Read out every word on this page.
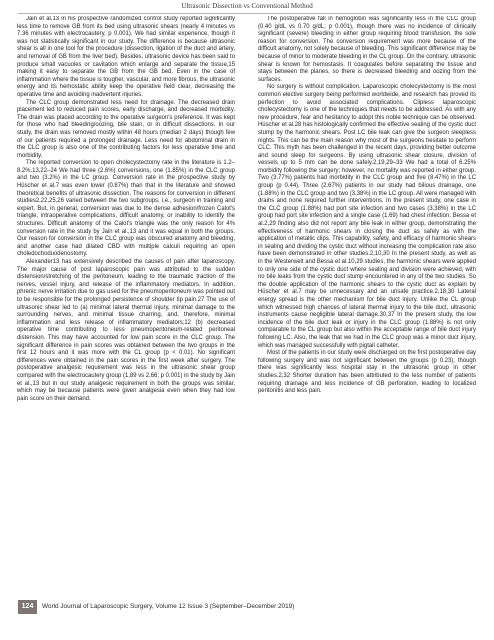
Ultrasonic Dissection vs Conventional Method

Jain et al.13 in his prospective randomized control study reported significantly less time to remove GB from its bed using ultrasonic shears (nearly 4 minutes vs 7.36 minutes with electrocautery, p 0.001). We had similar experience, though it was not statistically significant in our study. The difference is because ultrasonic shear is all in one tool for the procedure (dissection, ligation of the duct and artery, and removal of GB from the liver bed). Besides, ultrasonic device has been said to produce small vacuoles or cavitation which enlarge and separate the tissue,15 making it easy to separate the GB from the GB bed. Even in the case of inflammation where the tissue is tougher, vascular, and more fibrous, the ultrasonic energy and its hemostatic ability keep the operative field clear, decreasing the operative time and avoiding inadvertent injuries.

The CLC group demonstrated less need for drainage. The decreased drain placement led to reduced pain scores, early discharge, and decreased morbidity. The drain was placed according to the operative surgeon's preference. It was kept for those who had bleeding/oozing, bile stain, or in difficult dissections. In our study, the drain was removed mostly within 48 hours (median 2 days) though few of our patients required a prolonged drainage. Less need for abdominal drain in the CLC group is also one of the contributing factors for less operative time and morbidity.

The reported conversion to open cholecystectomy rate in the literature is 1.2–8.2%.13,22–24 We had three (2.6%) conversions, one (1.85%) in the CLC group and two (3.2%) in the LC group. Conversion rate in the prospective study by Hüscher et al.7 was even lower (0.87%) than that in the literature and showed theoretical benefits of ultrasonic dissection. The reasons for conversion in different studies2,22,25,26 varied between the two subgroups, i.e., surgeon in training and expert. But, in general, conversion was due to the dense adhesion/frozen Calot's triangle, intraoperative complications, difficult anatomy, or inability to identify the structures. Difficult anatomy of the Calot's triangle was the only reason for 4% conversion rate in the study by Jain et al.,13 and it was equal in both the groups. Our reason for conversion in the CLC group was obscured anatomy and bleeding, and another case had dilated CBD with multiple calculi requiring an open choledochoduodenostomy.

Alexander13 has extensively described the causes of pain after laparoscopy. The major cause of post laparoscopic pain was attributed to the sudden distension/stretching of the peritoneum, leading to the traumatic traction of the nerves, vessel injury, and release of the inflammatory mediators. In addition, phrenic nerve irritation due to gas used for the pneumoperitoneum was pointed out to be responsible for the prolonged persistence of shoulder tip pain.27 The use of ultrasonic shear led to (a) minimal lateral thermal injury, minimal damage to the surrounding nerves, and minimal tissue charring, and, therefore, minimal inflammation and less release of inflammatory mediators;12 (b) decreased operative time contributing to less pneumoperitoneum-related peritoneal distension. This may have accounted for low pain score in the CLC group. The significant difference in pain scores was obtained between the two groups in the first 12 hours and it was more with the CL group (p < 0.01). No significant differences were obtained in the pain scores in the first week after surgery. The postoperative analgesic requirement was less in the ultrasonic shear group compared with the electrocautery group (1.89 vs 2.66; p 0.001) in the study by Jain et al.,13 but in our study analgesic requirement in both the groups was similar, which may be because patients were given analgesia even when they had low pain score on their demand.

The postoperative fall in hemoglobin was significantly less in the CLC group (0.40 g/dL vs 0.70 g/dL; p 0.001), though there was no incidence of clinically significant (severe) bleeding in either group requiring blood transfusion, the sole reason for conversion. The conversion requirement was more because of the difficult anatomy, not solely because of bleeding. This significant difference may be because of minor to moderate bleeding in the CL group. On the contrary, ultrasonic shear is known for hemostasis. It coagulates before separating the tissue and stays between the planes, so there is decreased bleeding and oozing from the surfaces.

No surgery is without complication. Laparoscopic cholecystectomy is the most common elective surgery being performed worldwide, and research has proved its perfection to avoid associated complications. Clipless laparoscopic cholecystectomy is one of the techniques that needs to be addressed. As with any new procedure, fear and hesitancy to adopt this noble technique can be observed. Hüscher et al.28 has histologically confirmed the effective sealing of the cystic duct stump by the harmonic shears. Post LC bile leak can give the surgeon sleepless nights. This can be the main reason why most of the surgeons hesitate to perform CLC. This myth has been challenged in the recent days, providing better outcome and sound sleep for surgeons. By using ultrasonic shear closure, division of vessels up to 5 mm can be done safely.2,19,29–33 We had a total of 6.25% morbidity following the surgery; however, no mortality was reported in either group. Two (3.77%) patients had morbidity in the CLC group and five (8.47%) in the LC group (p 0.44). Three (2.67%) patients in our study had bilious drainage, one (1.88%) in the CLC group and two (3.38%) in the LC group. All were managed with drains and none required further interventions. In the present study, one case in the CLC group (1.88%) had port site infection and two cases (3.38%) in the LC group had port site infection and a single case (1.69) had chest infection. Bessa et al.2,29 finding also did not report any bile leak in either group, demonstrating the effectiveness of harmonic shears in closing the duct as safely as with the application of metallic clips. This capability, safety, and efficacy of harmonic shears in sealing and dividing the cystic duct without increasing the complication rate also have been demonstrated in other studies.2,10,30 In the present study, as well as in the Westerwelt and Bessa et al.10,29 studies, the harmonic shears were applied to only one side of the cystic duct where sealing and division were achieved, with no bile leaks from the cystic duct stump encountered in any of the two studies. So the double application of the harmonic shears to the cystic duct as explain by Hüscher et al.7 may be unnecessary and an unsafe practice.2,18,30 Lateral energy spread is the other mechanism for bile duct injury. Unlike the CL group which witnessed high chances of lateral thermal injury to the bile duct, ultrasonic instruments cause negligible lateral damage.30,37 In the present study, the low incidence of the bile duct leak or injury in the CLC group (1.88%) is not only comparable to the CL group but also within the acceptable range of bile duct injury following LC. Also, the leak that we had in the CLC group was a minor duct injury, which was managed successfully with pigtail catheter.

Most of the patients in our study were discharged on the first postoperative day following surgery and was not significant between the groups (p 0.23), though there was significantly less hospital stay in the ultrasonic group in other studies.2,32 Shorter duration has been attributed to the less number of patients requiring drainage and less incidence of GB perforation, leading to localized peritonitis and less pain.

124	World Journal of Laparoscopic Surgery, Volume 12 Issue 3 (September–December 2019)
